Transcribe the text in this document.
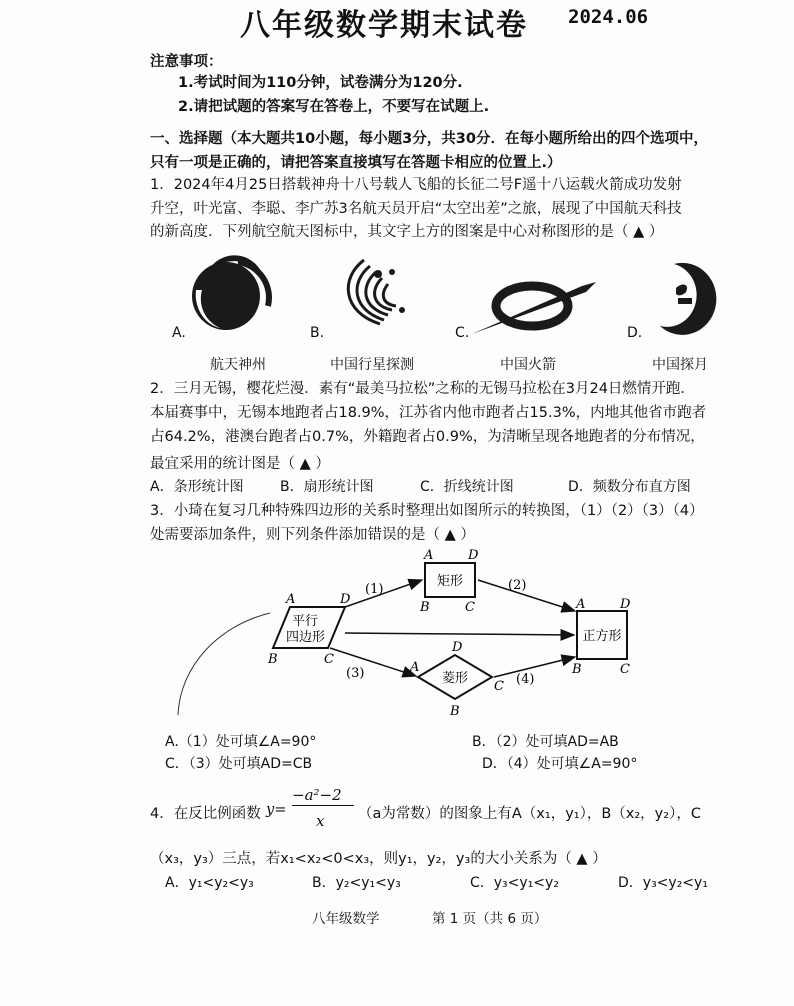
八年级数学期末试卷 2024.06
注意事项：
1.考试时间为110分钟，试卷满分为120分.
2.请把试题的答案写在答卷上，不要写在试题上.
一、选择题（本大题共10小题，每小题3分，共30分．在每小题所给出的四个选项中，
只有一项是正确的，请把答案直接填写在答题卡相应的位置上.）
1．2024年4月25日搭载神舟十八号载人飞船的长征二号F遥十八运载火箭成功发射
升空，叶光富、李聪、李广苏3名航天员开启“太空出差”之旅，展现了中国航天科技
的新高度．下列航空航天图标中，其文字上方的图案是中心对称图形的是（ ▲ ）
A.	B.	C.	D.
航天神州	中国行星探测	中国火箭	中国探月
2．三月无锡，樱花烂漫．素有“最美马拉松”之称的无锡马拉松在3月24日燃情开跑．
本届赛事中，无锡本地跑者占18.9%，江苏省内他市跑者占15.3%，内地其他省市跑者
占64.2%，港澳台跑者占0.7%，外籍跑者占0.9%，为清晰呈现各地跑者的分布情况，
最宜采用的统计图是（ ▲ ）
A．条形统计图	B．扇形统计图	C．折线统计图	D．频数分布直方图
3．小琦在复习几种特殊四边形的关系时整理出如图所示的转换图，（1）（2）（3）（4）
处需要添加条件，则下列条件添加错误的是（ ▲ ）
平行
四边形
A	D
B	C
矩形
A	D
B	C
菱形
A
D
C
B
正方形
A	D
B	C
(1)	(2)
(3)	(4)
A.（1）处可填∠A=90°	B．（2）处可填AD=AB
C．（3）处可填AD=CB	D．（4）处可填∠A=90°
4．在反比例函数 y=
−a²−2
x （a为常数）的图象上有A（x₁，y₁），B（x₂，y₂），C
（x₃，y₃）三点，若x₁<x₂<0<x₃，则y₁，y₂，y₃的大小关系为（ ▲ ）
A．y₁<y₂<y₃	B．y₂<y₁<y₃	C．y₃<y₁<y₂	D．y₃<y₂<y₁
八年级数学	第 1 页（共 6 页）
